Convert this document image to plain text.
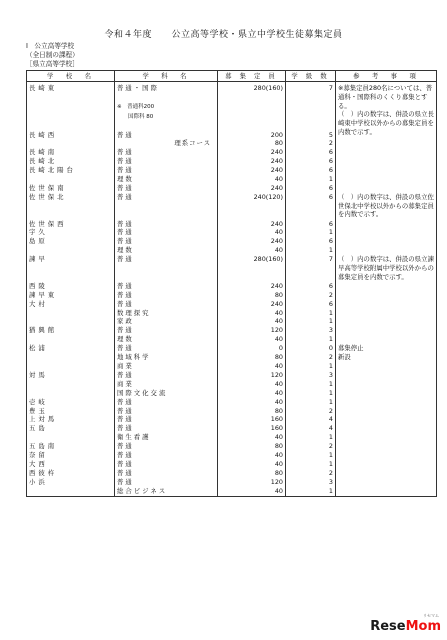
令和４年度 公立高等学校・県立中学校生徒募集定員
Ⅰ　公立高等学校
（全日制の課程）
［県立高等学校］
学　校　名	学　科　名	募 集 定 員	学 級 数	参　考　事　項
長崎東	普通・国際	280(160)	7	※募集定員280名については、普通科・国際科のくくり募集とする。
（　）内の数字は、併設の県立長崎東中学校以外からの募集定員を内数で示す。

	※　普通科200			
	　　国際科 80			

長崎西	普通	200	5	

	理系コース	80	2	
長崎南	普通	240	6	
長崎北	普通	240	6	
長崎北陽台	普通	240	6	
	理数	40	1	
佐世保南	普通	240	6	
佐世保北	普通	240(120)	6	（　）内の数字は、併設の県立佐世保北中学校以外からの募集定員を内数で示す。

佐世保西	普通	240	6	
宇久	普通	40	1	
島原	普通	240	6	
	理数	40	1	
諫早	普通	280(160)	7	（　）内の数字は、併設の県立諫早高等学校附属中学校以外からの募集定員を内数で示す。

西陵	普通	240	6	
諫早東	普通	80	2	
大村	普通	240	6	
	数理探究	40	1	
	家政	40	1	
猶興館	普通	120	3	
	理数	40	1	
松浦	普通	0	0	募集停止

	地域科学	80	2	新設

	商業	40	1	
対馬	普通	120	3	
	商業	40	1	
	国際文化交流	40	1	
壱岐	普通	40	1	
豊玉	普通	80	2	
上対馬	普通	160	4	
五島	普通	160	4	
	衛生看護	40	1	
五島南	普通	80	2	
奈留	普通	40	1	
大西	普通	40	1	
西彼杵	普通	80	2	
小浜	普通	120	3	
	総合ビジネス	40	1	
リセマム
ReseMom
